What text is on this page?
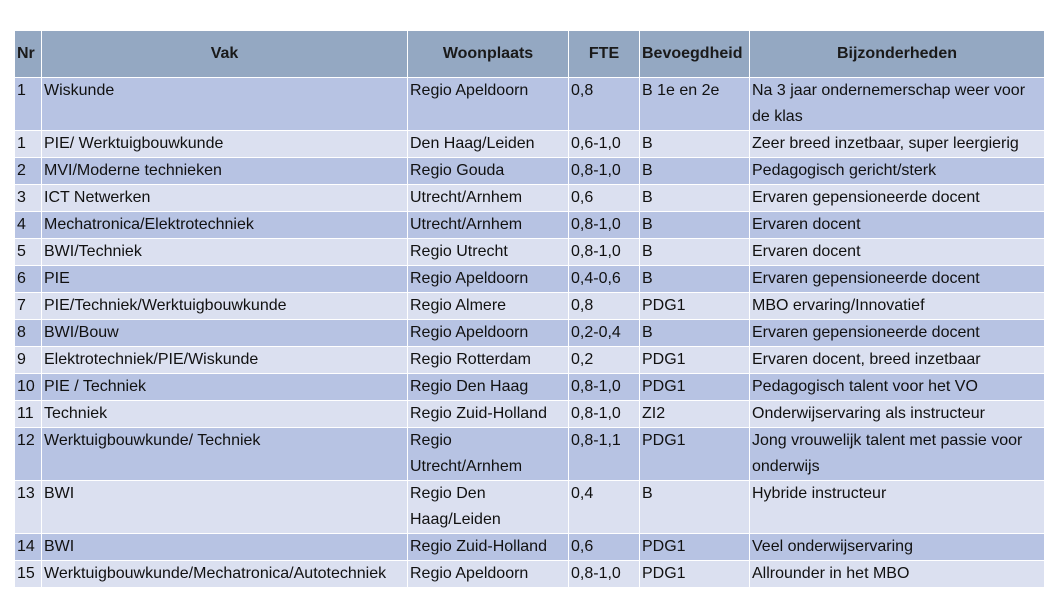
Nr	Vak	Woonplaats	FTE	Bevoegdheid	Bijzonderheden
1	Wiskunde	Regio Apeldoorn	0,8	B 1e en 2e	Na 3 jaar ondernemerschap weer voor de klas
1	PIE/ Werktuigbouwkunde	Den Haag/Leiden	0,6-1,0	B	Zeer breed inzetbaar, super leergierig
2	MVI/Moderne technieken	Regio Gouda	0,8-1,0	B	Pedagogisch gericht/sterk
3	ICT Netwerken	Utrecht/Arnhem	0,6	B	Ervaren gepensioneerde docent
4	Mechatronica/Elektrotechniek	Utrecht/Arnhem	0,8-1,0	B	Ervaren docent
5	BWI/Techniek	Regio Utrecht	0,8-1,0	B	Ervaren docent
6	PIE	Regio Apeldoorn	0,4-0,6	B	Ervaren gepensioneerde docent
7	PIE/Techniek/Werktuigbouwkunde	Regio Almere	0,8	PDG1	MBO ervaring/Innovatief
8	BWI/Bouw	Regio Apeldoorn	0,2-0,4	B	Ervaren gepensioneerde docent
9	Elektrotechniek/PIE/Wiskunde	Regio Rotterdam	0,2	PDG1	Ervaren docent, breed inzetbaar
10	PIE / Techniek	Regio Den Haag	0,8-1,0	PDG1	Pedagogisch talent voor het VO
11	Techniek	Regio Zuid-Holland	0,8-1,0	ZI2	Onderwijservaring als instructeur
12	Werktuigbouwkunde/ Techniek	Regio Utrecht/Arnhem	0,8-1,1	PDG1	Jong vrouwelijk talent met passie voor onderwijs
13	BWI	Regio Den Haag/Leiden	0,4	B	Hybride instructeur
14	BWI	Regio Zuid-Holland	0,6	PDG1	Veel onderwijservaring
15	Werktuigbouwkunde/Mechatronica/Autotechniek	Regio Apeldoorn	0,8-1,0	PDG1	Allrounder in het MBO
